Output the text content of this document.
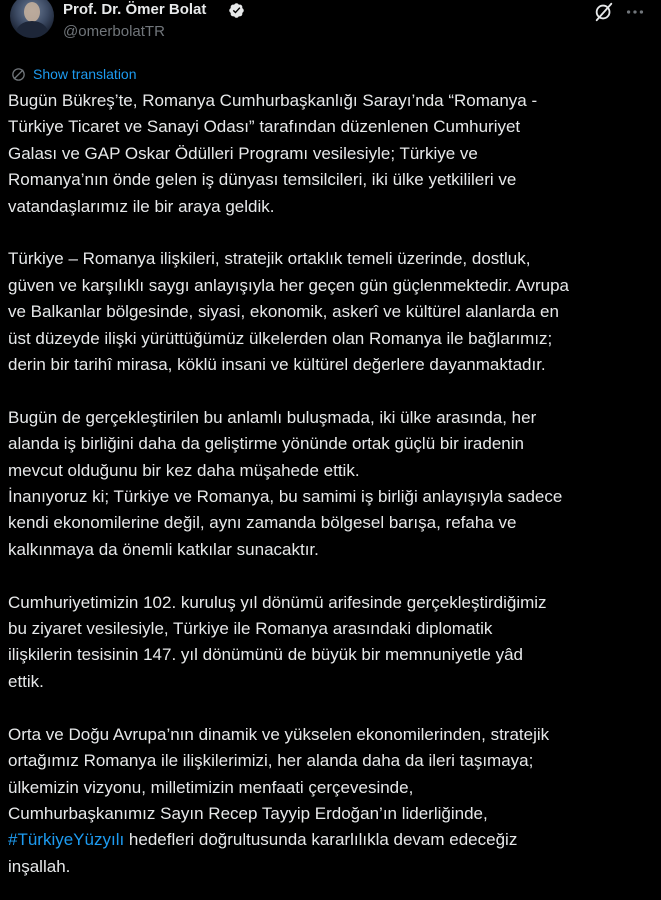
Prof. Dr. Ömer Bolat
@omerbolatTR
Show translation

Bugün Bükreş’te, Romanya Cumhurbaşkanlığı Sarayı’nda “Romanya -
Türkiye Ticaret ve Sanayi Odası” tarafından düzenlenen Cumhuriyet
Galası ve GAP Oskar Ödülleri Programı vesilesiyle; Türkiye ve
Romanya’nın önde gelen iş dünyası temsilcileri, iki ülke yetkilileri ve
vatandaşlarımız ile bir araya geldik.

Türkiye – Romanya ilişkileri, stratejik ortaklık temeli üzerinde, dostluk,
güven ve karşılıklı saygı anlayışıyla her geçen gün güçlenmektedir. Avrupa
ve Balkanlar bölgesinde, siyasi, ekonomik, askerî ve kültürel alanlarda en
üst düzeyde ilişki yürüttüğümüz ülkelerden olan Romanya ile bağlarımız;
derin bir tarihî mirasa, köklü insani ve kültürel değerlere dayanmaktadır.

Bugün de gerçekleştirilen bu anlamlı buluşmada, iki ülke arasında, her
alanda iş birliğini daha da geliştirme yönünde ortak güçlü bir iradenin
mevcut olduğunu bir kez daha müşahede ettik.
İnanıyoruz ki; Türkiye ve Romanya, bu samimi iş birliği anlayışıyla sadece
kendi ekonomilerine değil, aynı zamanda bölgesel barışa, refaha ve
kalkınmaya da önemli katkılar sunacaktır.

Cumhuriyetimizin 102. kuruluş yıl dönümü arifesinde gerçekleştirdiğimiz
bu ziyaret vesilesiyle, Türkiye ile Romanya arasındaki diplomatik
ilişkilerin tesisinin 147. yıl dönümünü de büyük bir memnuniyetle yâd
ettik.

Orta ve Doğu Avrupa’nın dinamik ve yükselen ekonomilerinden, stratejik
ortağımız Romanya ile ilişkilerimizi, her alanda daha da ileri taşımaya;
ülkemizin vizyonu, milletimizin menfaati çerçevesinde,
Cumhurbaşkanımız Sayın Recep Tayyip Erdoğan’ın liderliğinde,
#TürkiyeYüzyılı hedefleri doğrultusunda kararlılıkla devam edeceğiz
inşallah.
